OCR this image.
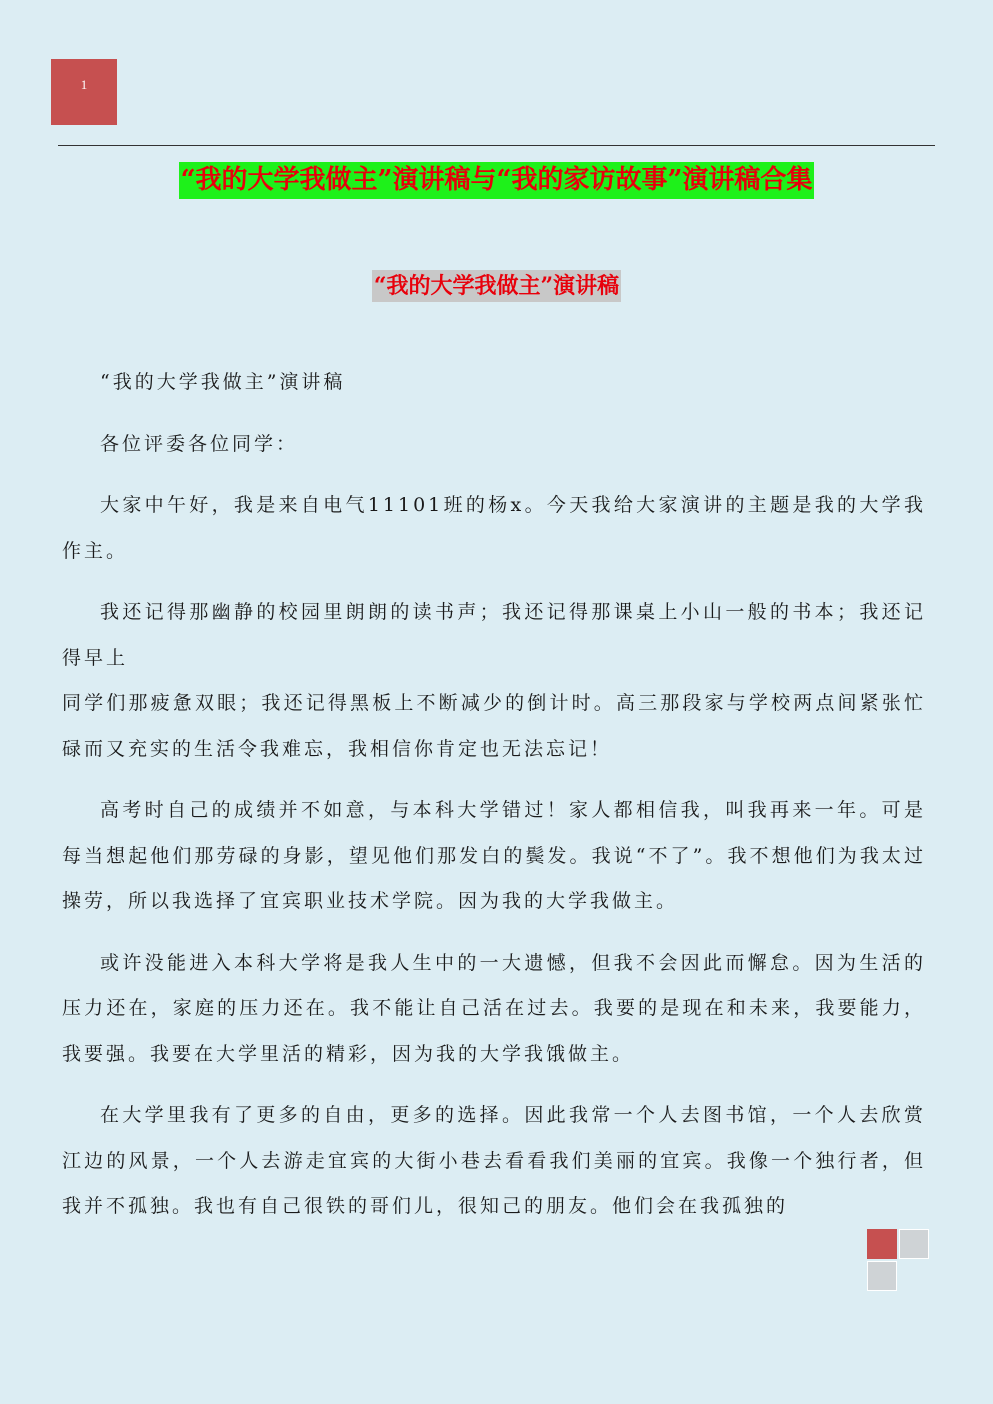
1
“我的大学我做主”演讲稿与“我的家访故事”演讲稿合集
“我的大学我做主”演讲稿

“我的大学我做主”演讲稿

各位评委各位同学：

大家中午好，我是来自电气11101班的杨x。今天我给大家演讲的主题是我的大学我作主。

我还记得那幽静的校园里朗朗的读书声；我还记得那课桌上小山一般的书本；我还记得早上
同学们那疲惫双眼；我还记得黑板上不断减少的倒计时。高三那段家与学校两点间紧张忙碌而又充实的生活令我难忘，我相信你肯定也无法忘记！

高考时自己的成绩并不如意，与本科大学错过！家人都相信我，叫我再来一年。可是每当想起他们那劳碌的身影，望见他们那发白的鬓发。我说“不了”。我不想他们为我太过操劳，所以我选择了宜宾职业技术学院。因为我的大学我做主。

或许没能进入本科大学将是我人生中的一大遗憾，但我不会因此而懈怠。因为生活的压力还在，家庭的压力还在。我不能让自己活在过去。我要的是现在和未来，我要能力，我要强。我要在大学里活的精彩，因为我的大学我饿做主。

在大学里我有了更多的自由，更多的选择。因此我常一个人去图书馆，一个人去欣赏江边的风景，一个人去游走宜宾的大街小巷去看看我们美丽的宜宾。我像一个独行者，但我并不孤独。我也有自己很铁的哥们儿，很知己的朋友。他们会在我孤独的
